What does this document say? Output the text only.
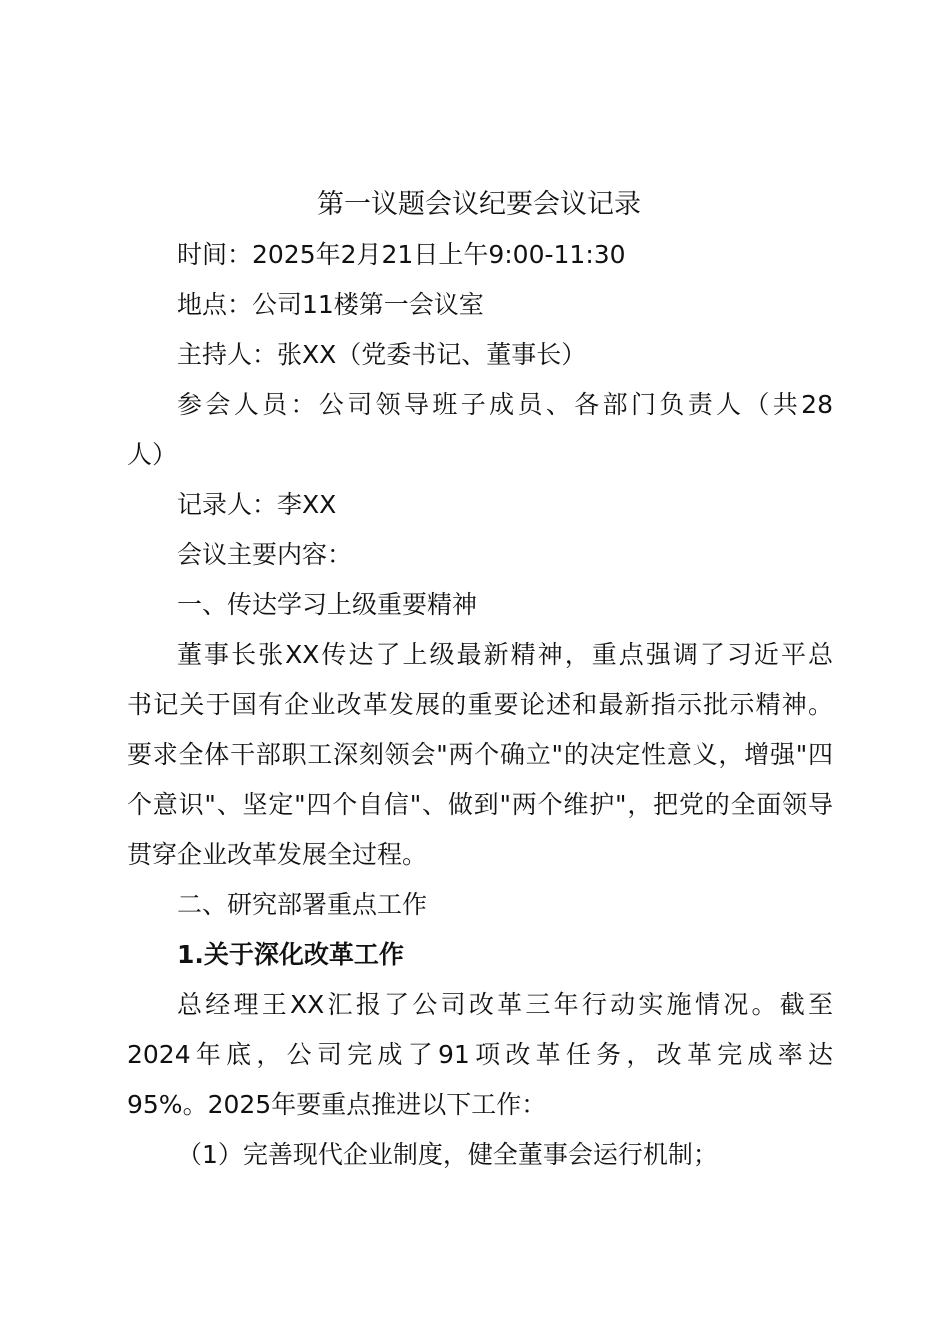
第一议题会议纪要会议记录
时间：2025年2月21日上午9:00-11:30
地点：公司11楼第一会议室
主持人：张XX（党委书记、董事长）
参会人员：公司领导班子成员、各部门负责人（共28
人）
记录人：李XX
会议主要内容：
一、传达学习上级重要精神
董事长张XX传达了上级最新精神，重点强调了习近平总
书记关于国有企业改革发展的重要论述和最新指示批示精神。
要求全体干部职工深刻领会"两个确立"的决定性意义，增强"四
个意识"、坚定"四个自信"、做到"两个维护"，把党的全面领导
贯穿企业改革发展全过程。
二、研究部署重点工作
1.关于深化改革工作
总经理王XX汇报了公司改革三年行动实施情况。截至
2024年底，公司完成了91项改革任务，改革完成率达
95%。2025年要重点推进以下工作：
（1）完善现代企业制度，健全董事会运行机制；
